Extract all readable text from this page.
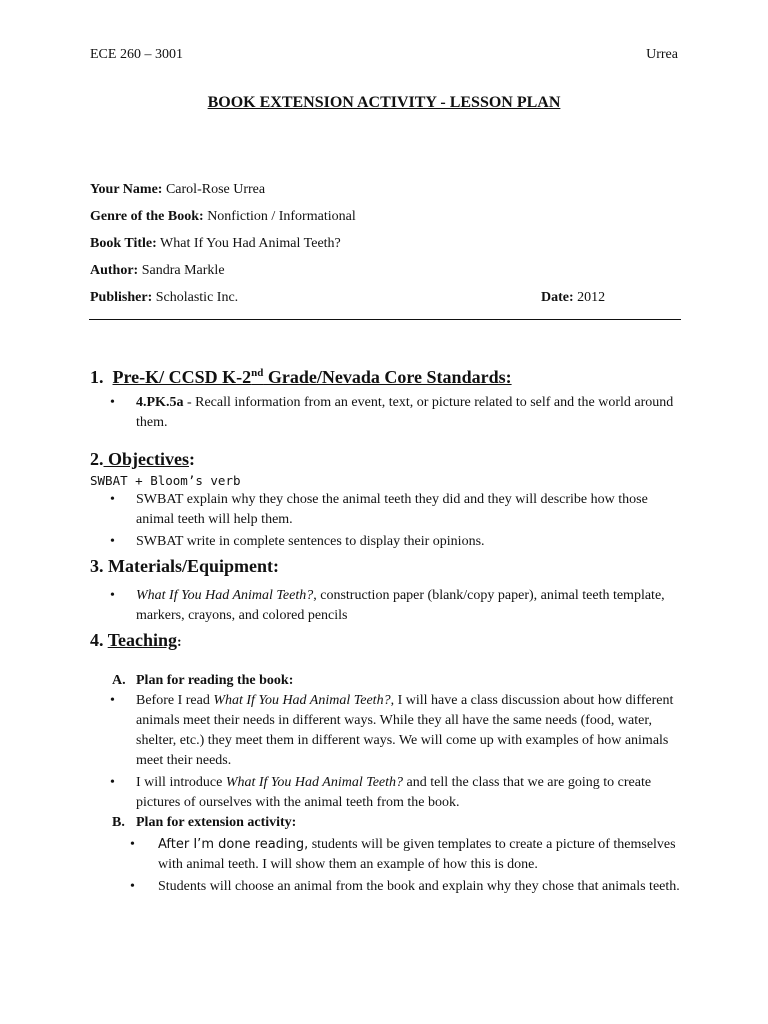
ECE 260 – 3001	Urrea
BOOK EXTENSION ACTIVITY - LESSON PLAN
Your Name: Carol-Rose Urrea
Genre of the Book: Nonfiction / Informational
Book Title: What If You Had Animal Teeth?
Author: Sandra Markle
Publisher: Scholastic Inc.	Date: 2012
1. Pre-K/ CCSD K-2nd Grade/Nevada Core Standards:
• 4.PK.5a - Recall information from an event, text, or picture related to self and the world around them.
2. Objectives:
SWBAT + Bloom’s verb
• SWBAT explain why they chose the animal teeth they did and they will describe how those animal teeth will help them.
• SWBAT write in complete sentences to display their opinions.
3. Materials/Equipment:
• What If You Had Animal Teeth?, construction paper (blank/copy paper), animal teeth template, markers, crayons, and colored pencils
4. Teaching:
A. Plan for reading the book:
• Before I read What If You Had Animal Teeth?, I will have a class discussion about how different animals meet their needs in different ways. While they all have the same needs (food, water, shelter, etc.) they meet them in different ways. We will come up with examples of how animals meet their needs.
• I will introduce What If You Had Animal Teeth? and tell the class that we are going to create pictures of ourselves with the animal teeth from the book.
B. Plan for extension activity:
• After I’m done reading, students will be given templates to create a picture of themselves with animal teeth. I will show them an example of how this is done.
• Students will choose an animal from the book and explain why they chose that animals teeth.
